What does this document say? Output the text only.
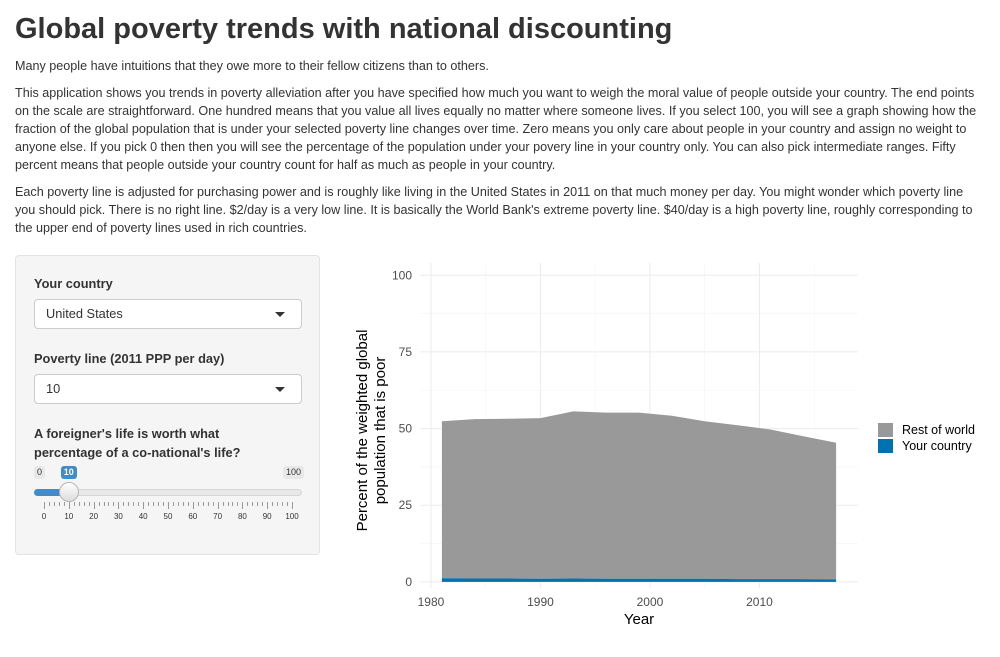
Global poverty trends with national discounting

Many people have intuitions that they owe more to their fellow citizens than to others.

This application shows you trends in poverty alleviation after you have specified how much you want to weigh the moral value of people outside your country. The end points on the scale are straightforward. One hundred means that you value all lives equally no matter where someone lives. If you select 100, you will see a graph showing how the fraction of the global population that is under your selected poverty line changes over time. Zero means you only care about people in your country and assign no weight to anyone else. If you pick 0 then then you will see the percentage of the population under your povery line in your country only. You can also pick intermediate ranges. Fifty percent means that people outside your country count for half as much as people in your country.

Each poverty line is adjusted for purchasing power and is roughly like living in the United States in 2011 on that much money per day. You might wonder which poverty line you should pick. There is no right line. $2/day is a very low line. It is basically the World Bank's extreme poverty line. $40/day is a high poverty line, roughly corresponding to the upper end of poverty lines used in rich countries.

Your country
United States
Poverty line (2011 PPP per day)
10
A foreigner's life is worth what
percentage of a co-national's life?
0	100
10
0	10	20	30	40	50	60	70	80	90	100
0
25
50
75
100
1980	1990	2000	2010
Year
Percent of the weighted global population that is poor	Rest of world
Your country
